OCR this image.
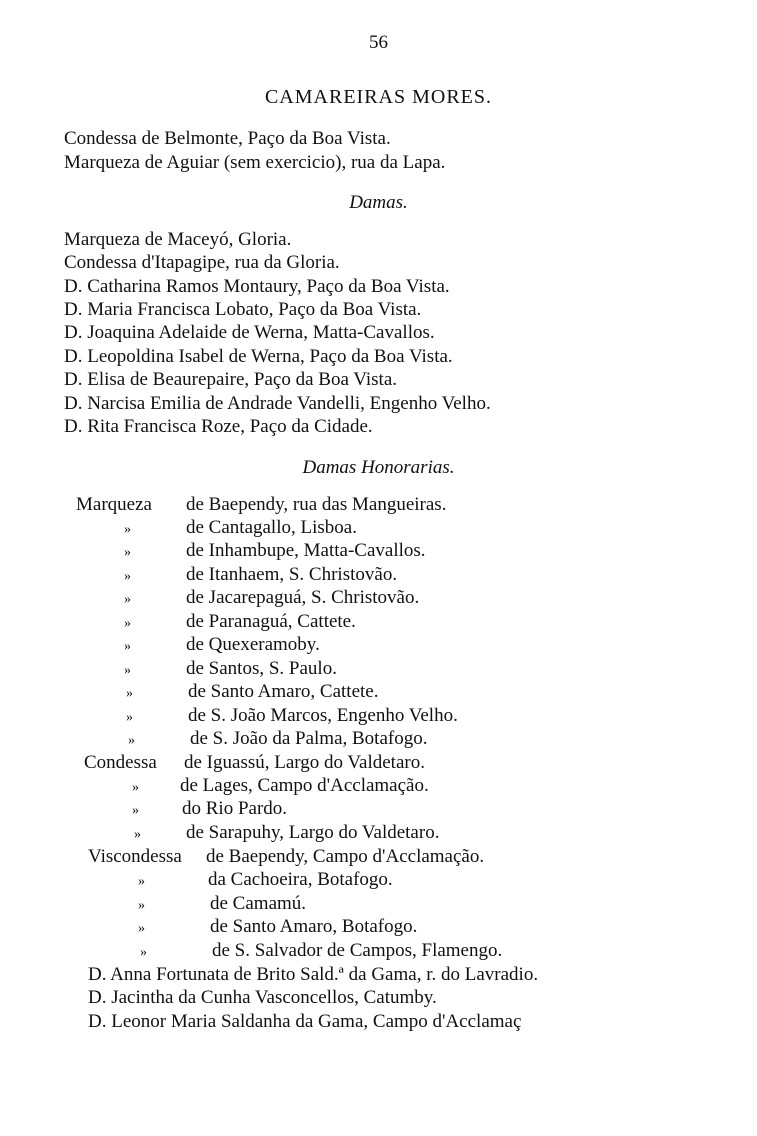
56
CAMAREIRAS MORES.
Condessa de Belmonte, Paço da Boa Vista.
Marqueza de Aguiar (sem exercicio), rua da Lapa.
Damas.
Marqueza de Maceyó, Gloria.
Condessa d'Itapagipe, rua da Gloria.
D. Catharina Ramos Montaury, Paço da Boa Vista.
D. Maria Francisca Lobato, Paço da Boa Vista.
D. Joaquina Adelaide de Werna, Matta-Cavallos.
D. Leopoldina Isabel de Werna, Paço da Boa Vista.
D. Elisa de Beaurepaire, Paço da Boa Vista.
D. Narcisa Emilia de Andrade Vandelli, Engenho Velho.
D. Rita Francisca Roze, Paço da Cidade.
Damas Honorarias.
Marqueza de Baependy, rua das Mangueiras.
»	de Cantagallo, Lisboa.
»	de Inhambupe, Matta-Cavallos.
»	de Itanhaem, S. Christovão.
»	de Jacarepaguá, S. Christovão.
»	de Paranaguá, Cattete.
»	de Quexeramoby.
»	de Santos, S. Paulo.
»	de Santo Amaro, Cattete.
»	de S. João Marcos, Engenho Velho.
»	de S. João da Palma, Botafogo.
Condessa de Iguassú, Largo do Valdetaro.
» de Lages, Campo d'Acclamação.
» do Rio Pardo.
» de Sarapuhy, Largo do Valdetaro.
Viscondessa de Baependy, Campo d'Acclamação.
»	da Cachoeira, Botafogo.
»	de Camamú.
»	de Santo Amaro, Botafogo.
»	de S. Salvador de Campos, Flamengo.
D. Anna Fortunata de Brito Sald.ª da Gama, r. do Lavradio.
D. Jacintha da Cunha Vasconcellos, Catumby.
D. Leonor Maria Saldanha da Gama, Campo d'Acclamaç
